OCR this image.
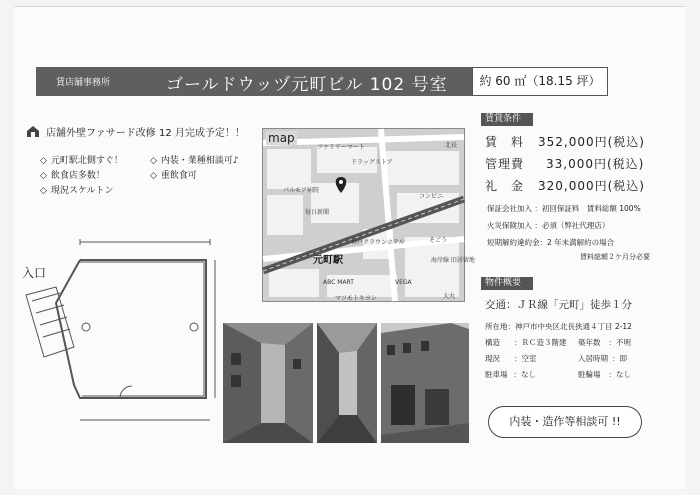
賃店舗事務所	ゴールドウッヅ元町ビル 102 号室	約 60 ㎡（18.15 坪）
店舗外壁ファサード改修 12 月完成予定！！
◇ 元町駅北側すぐ！
◇ 飲食店多数！
◇ 現況スケルトン
◇ 内装・業種相談可♪
◇ 重飲食可
入口
map
ファミリーマート
ドラッグストア
北長
パルモア病院
コンビニ
毎日新聞
ABC MART
マツモトキヨシ
VEGA
大丸
神戸クラウンホテル
海岸線 旧居留地
そごう
元町駅
賃貸条件
賃　料 352,000円(税込)
管理費 33,000円(税込)
礼　金 320,000円(税込)
保証会社加入 ：初回保証料　賃料総額 100%
火災保険加入 ：必須（弊社代理店）
短期解約違約金：2 年未満解約の場合
賃料総額２ケ月分必要
物件概要
交通：ＪＲ線「元町」徒歩１分
所在地：神戸市中央区北長狭通４丁目 2-12
構造 ：ＲＣ造３階建 築年数 ：不明
現況 ：空室	入居時期 ：即
駐車場 ：なし	駐輪場 ：なし
内装・造作等相談可 !!
